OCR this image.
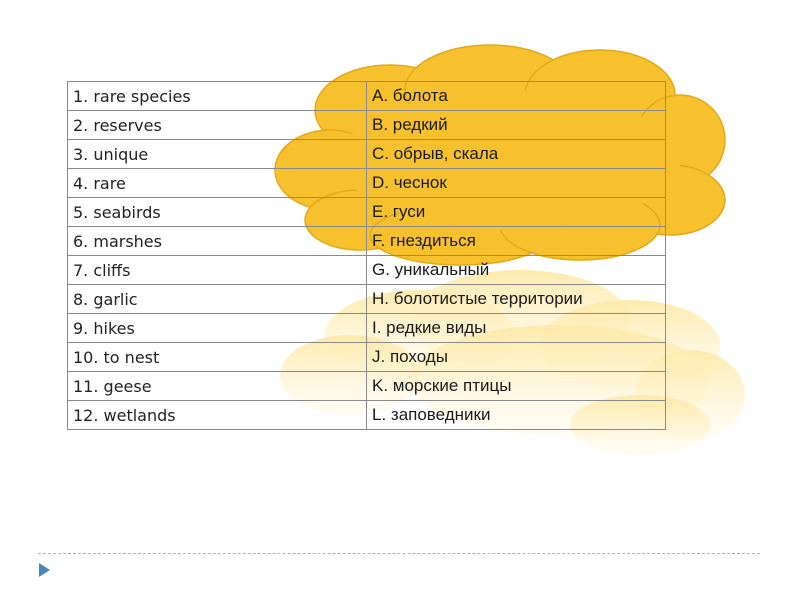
1. rare species	A. болота
2. reserves	B. редкий
3. unique	C. обрыв, скала
4. rare	D. чеснок
5. seabirds	E. гуси
6. marshes	F. гнездиться
7. cliffs	G. уникальный
8. garlic	H. болотистые территории
9. hikes	I. редкие виды
10. to nest	J. походы
11. geese	K. морские птицы
12. wetlands	L. заповедники
